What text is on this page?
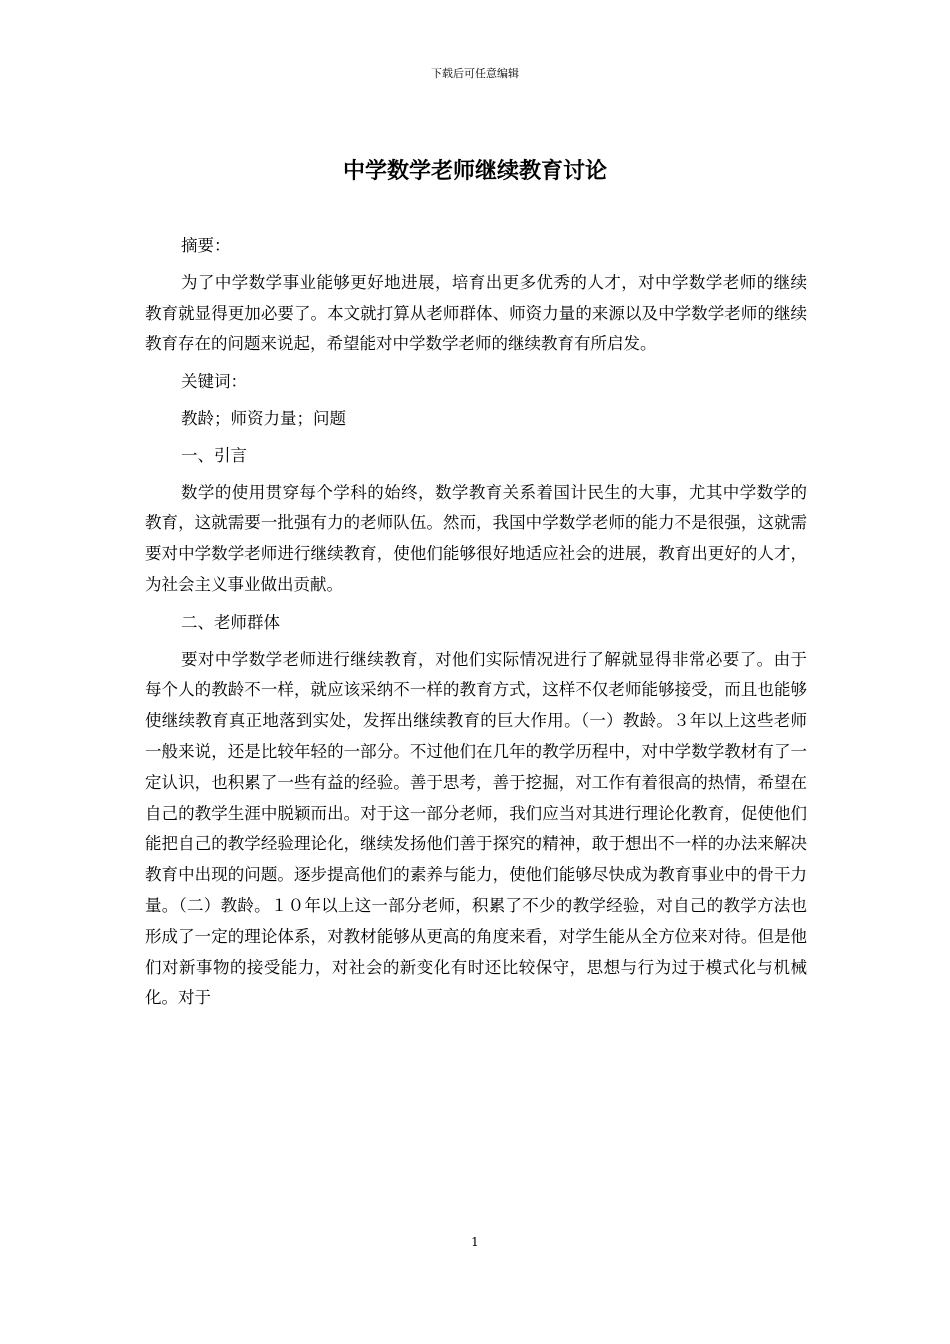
下载后可任意编辑
中学数学老师继续教育讨论

摘要：

为了中学数学事业能够更好地进展，培育出更多优秀的人才，对中学数学老师的继续教育就显得更加必要了。本文就打算从老师群体、师资力量的来源以及中学数学老师的继续教育存在的问题来说起，希望能对中学数学老师的继续教育有所启发。

关键词：

教龄；师资力量；问题

一、引言

数学的使用贯穿每个学科的始终，数学教育关系着国计民生的大事，尤其中学数学的教育，这就需要一批强有力的老师队伍。然而，我国中学数学老师的能力不是很强，这就需要对中学数学老师进行继续教育，使他们能够很好地适应社会的进展，教育出更好的人才，为社会主义事业做出贡献。

二、老师群体

要对中学数学老师进行继续教育，对他们实际情况进行了解就显得非常必要了。由于每个人的教龄不一样，就应该采纳不一样的教育方式，这样不仅老师能够接受，而且也能够使继续教育真正地落到实处，发挥出继续教育的巨大作用。（一）教龄。３年以上这些老师一般来说，还是比较年轻的一部分。不过他们在几年的教学历程中，对中学数学教材有了一定认识，也积累了一些有益的经验。善于思考，善于挖掘，对工作有着很高的热情，希望在自己的教学生涯中脱颖而出。对于这一部分老师，我们应当对其进行理论化教育，促使他们能把自己的教学经验理论化，继续发扬他们善于探究的精神，敢于想出不一样的办法来解决教育中出现的问题。逐步提高他们的素养与能力，使他们能够尽快成为教育事业中的骨干力量。（二）教龄。１０年以上这一部分老师，积累了不少的教学经验，对自己的教学方法也形成了一定的理论体系，对教材能够从更高的角度来看，对学生能从全方位来对待。但是他们对新事物的接受能力，对社会的新变化有时还比较保守，思想与行为过于模式化与机械化。对于

1
